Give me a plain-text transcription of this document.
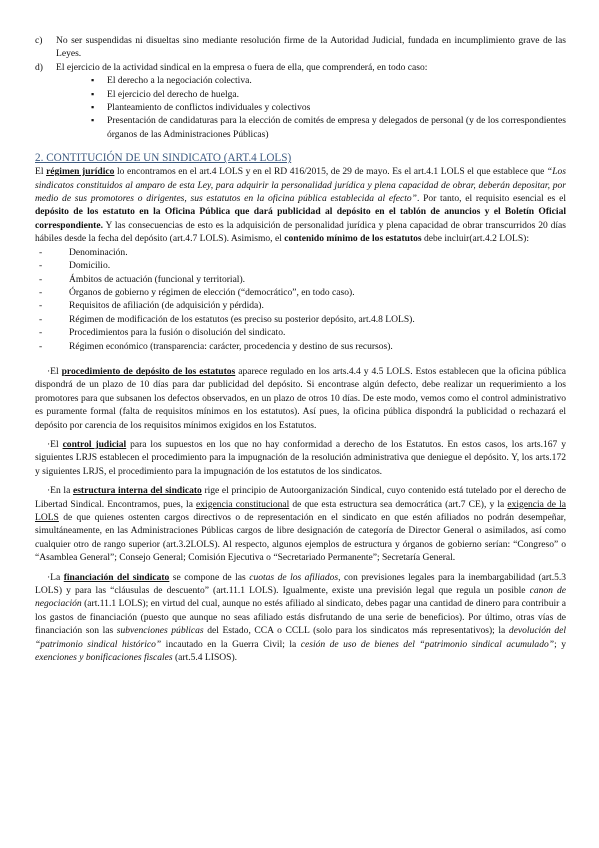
c) No ser suspendidas ni disueltas sino mediante resolución firme de la Autoridad Judicial, fundada en incumplimiento grave de las Leyes.
d) El ejercicio de la actividad sindical en la empresa o fuera de ella, que comprenderá, en todo caso:
▪ El derecho a la negociación colectiva.
▪ El ejercicio del derecho de huelga.
▪ Planteamiento de conflictos individuales y colectivos
▪ Presentación de candidaturas para la elección de comités de empresa y delegados de personal (y de los correspondientes órganos de las Administraciones Públicas)
2. CONTITUCIÓN DE UN SINDICATO (ART.4 LOLS)

El régimen jurídico lo encontramos en el art.4 LOLS y en el RD 416/2015, de 29 de mayo. Es el art.4.1 LOLS el que establece que “Los sindicatos constituidos al amparo de esta Ley, para adquirir la personalidad jurídica y plena capacidad de obrar, deberán depositar, por medio de sus promotores o dirigentes, sus estatutos en la oficina pública establecida al efecto”. Por tanto, el requisito esencial es el depósito de los estatuto en la Oficina Pública que dará publicidad al depósito en el tablón de anuncios y el Boletín Oficial correspondiente. Y las consecuencias de esto es la adquisición de personalidad jurídica y plena capacidad de obrar transcurridos 20 días hábiles desde la fecha del depósito (art.4.7 LOLS). Asimismo, el contenido mínimo de los estatutos debe incluir(art.4.2 LOLS):

- Denominación.
- Domicilio.
- Ámbitos de actuación (funcional y territorial).
- Órganos de gobierno y régimen de elección (“democrático”, en todo caso).
- Requisitos de afiliación (de adquisición y pérdida).
- Régimen de modificación de los estatutos (es preciso su posterior depósito, art.4.8 LOLS).
- Procedimientos para la fusión o disolución del sindicato.
- Régimen económico (transparencia: carácter, procedencia y destino de sus recursos).

·El procedimiento de depósito de los estatutos aparece regulado en los arts.4.4 y 4.5 LOLS. Estos establecen que la oficina pública dispondrá de un plazo de 10 días para dar publicidad del depósito. Si encontrase algún defecto, debe realizar un requerimiento a los promotores para que subsanen los defectos observados, en un plazo de otros 10 días. De este modo, vemos como el control administrativo es puramente formal (falta de requisitos mínimos en los estatutos). Así pues, la oficina pública dispondrá la publicidad o rechazará el depósito por carencia de los requisitos mínimos exigidos en los Estatutos.

·El control judicial para los supuestos en los que no hay conformidad a derecho de los Estatutos. En estos casos, los arts.167 y siguientes LRJS establecen el procedimiento para la impugnación de la resolución administrativa que deniegue el depósito. Y, los arts.172 y siguientes LRJS, el procedimiento para la impugnación de los estatutos de los sindicatos.

·En la estructura interna del sindicato rige el principio de Autoorganización Sindical, cuyo contenido está tutelado por el derecho de Libertad Sindical. Encontramos, pues, la exigencia constitucional de que esta estructura sea democrática (art.7 CE), y la exigencia de la LOLS de que quienes ostenten cargos directivos o de representación en el sindicato en que estén afiliados no podrán desempeñar, simultáneamente, en las Administraciones Públicas cargos de libre designación de categoría de Director General o asimilados, así como cualquier otro de rango superior (art.3.2LOLS). Al respecto, algunos ejemplos de estructura y órganos de gobierno serían: “Congreso” o “Asamblea General”; Consejo General; Comisión Ejecutiva o “Secretariado Permanente”; Secretaría General.

·La financiación del sindicato se compone de las cuotas de los afiliados, con previsiones legales para la inembargabilidad (art.5.3 LOLS) y para las “cláusulas de descuento” (art.11.1 LOLS). Igualmente, existe una previsión legal que regula un posible canon de negociación (art.11.1 LOLS); en virtud del cual, aunque no estés afiliado al sindicato, debes pagar una cantidad de dinero para contribuir a los gastos de financiación (puesto que aunque no seas afiliado estás disfrutando de una serie de beneficios). Por último, otras vías de financiación son las subvenciones públicas del Estado, CCA o CCLL (solo para los sindicatos más representativos); la devolución del “patrimonio sindical histórico” incautado en la Guerra Civil; la cesión de uso de bienes del “patrimonio sindical acumulado”; y exenciones y bonificaciones fiscales (art.5.4 LISOS).
